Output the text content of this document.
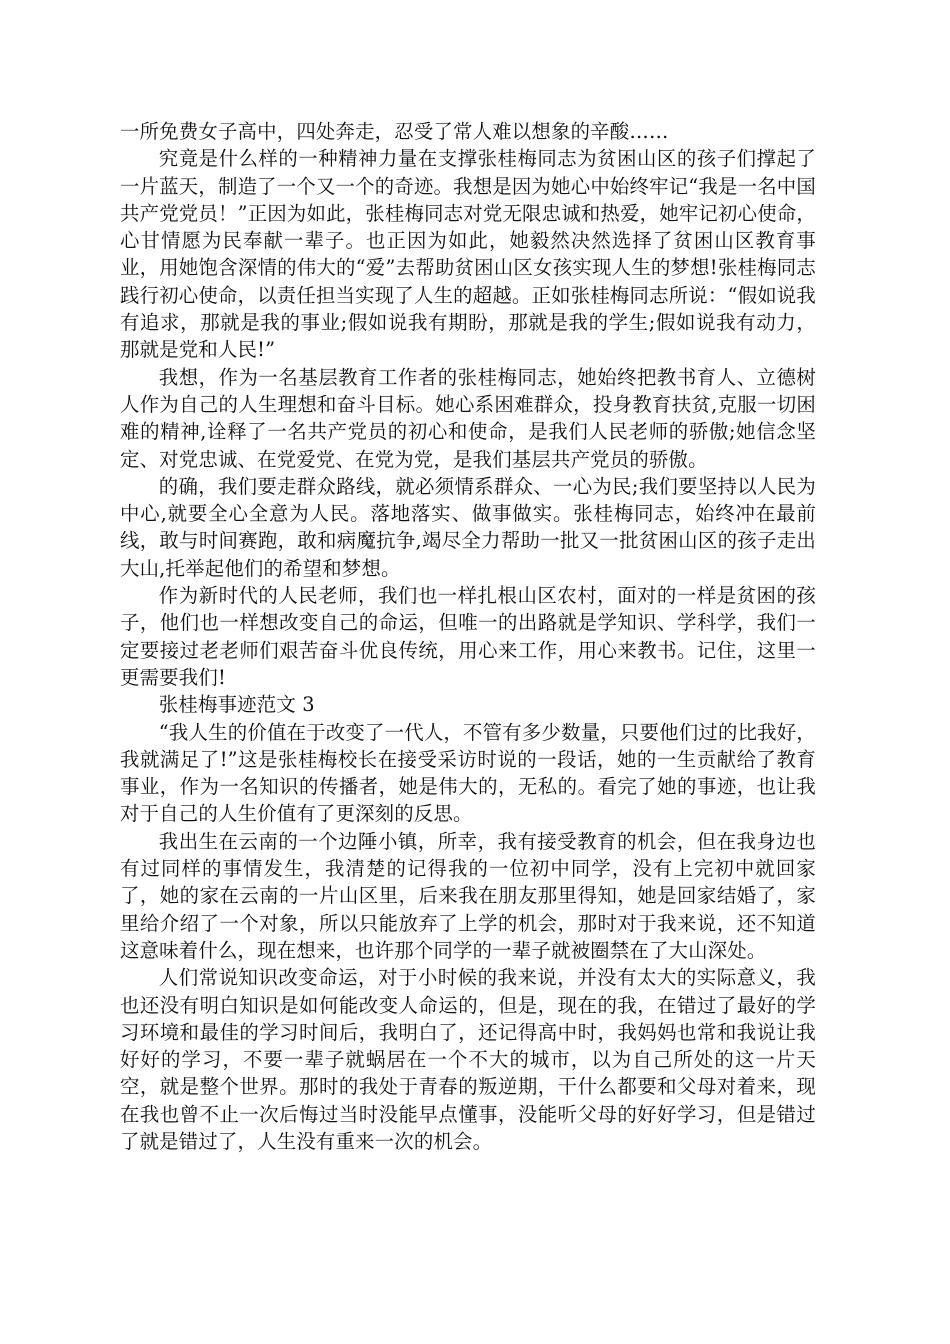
一所免费女子高中，四处奔走，忍受了常人难以想象的辛酸……

究竟是什么样的一种精神力量在支撑张桂梅同志为贫困山区的孩子们撑起了一片蓝天，制造了一个又一个的奇迹。我想是因为她心中始终牢记“我是一名中国共产党党员！”正因为如此，张桂梅同志对党无限忠诚和热爱，她牢记初心使命，心甘情愿为民奉献一辈子。也正因为如此，她毅然决然选择了贫困山区教育事业，用她饱含深情的伟大的“爱”去帮助贫困山区女孩实现人生的梦想!张桂梅同志践行初心使命，以责任担当实现了人生的超越。正如张桂梅同志所说：“假如说我有追求，那就是我的事业;假如说我有期盼，那就是我的学生;假如说我有动力，那就是党和人民!”

我想，作为一名基层教育工作者的张桂梅同志，她始终把教书育人、立德树人作为自己的人生理想和奋斗目标。她心系困难群众，投身教育扶贫,克服一切困难的精神,诠释了一名共产党员的初心和使命，是我们人民老师的骄傲;她信念坚定、对党忠诚、在党爱党、在党为党，是我们基层共产党员的骄傲。

的确，我们要走群众路线，就必须情系群众、一心为民;我们要坚持以人民为中心,就要全心全意为人民。落地落实、做事做实。张桂梅同志，始终冲在最前线，敢与时间赛跑，敢和病魔抗争,竭尽全力帮助一批又一批贫困山区的孩子走出大山,托举起他们的希望和梦想。

作为新时代的人民老师，我们也一样扎根山区农村，面对的一样是贫困的孩子，他们也一样想改变自己的命运，但唯一的出路就是学知识、学科学，我们一定要接过老老师们艰苦奋斗优良传统，用心来工作，用心来教书。记住，这里一更需要我们!

张桂梅事迹范文 3

“我人生的价值在于改变了一代人，不管有多少数量，只要他们过的比我好，我就满足了!”这是张桂梅校长在接受采访时说的一段话，她的一生贡献给了教育事业，作为一名知识的传播者，她是伟大的，无私的。看完了她的事迹，也让我对于自己的人生价值有了更深刻的反思。

我出生在云南的一个边陲小镇，所幸，我有接受教育的机会，但在我身边也有过同样的事情发生，我清楚的记得我的一位初中同学，没有上完初中就回家了，她的家在云南的一片山区里，后来我在朋友那里得知，她是回家结婚了，家里给介绍了一个对象，所以只能放弃了上学的机会，那时对于我来说，还不知道这意味着什么，现在想来，也许那个同学的一辈子就被圈禁在了大山深处。

人们常说知识改变命运，对于小时候的我来说，并没有太大的实际意义，我也还没有明白知识是如何能改变人命运的，但是，现在的我，在错过了最好的学习环境和最佳的学习时间后，我明白了，还记得高中时，我妈妈也常和我说让我好好的学习，不要一辈子就蜗居在一个不大的城市，以为自己所处的这一片天空，就是整个世界。那时的我处于青春的叛逆期，干什么都要和父母对着来，现在我也曾不止一次后悔过当时没能早点懂事，没能听父母的好好学习，但是错过了就是错过了，人生没有重来一次的机会。
